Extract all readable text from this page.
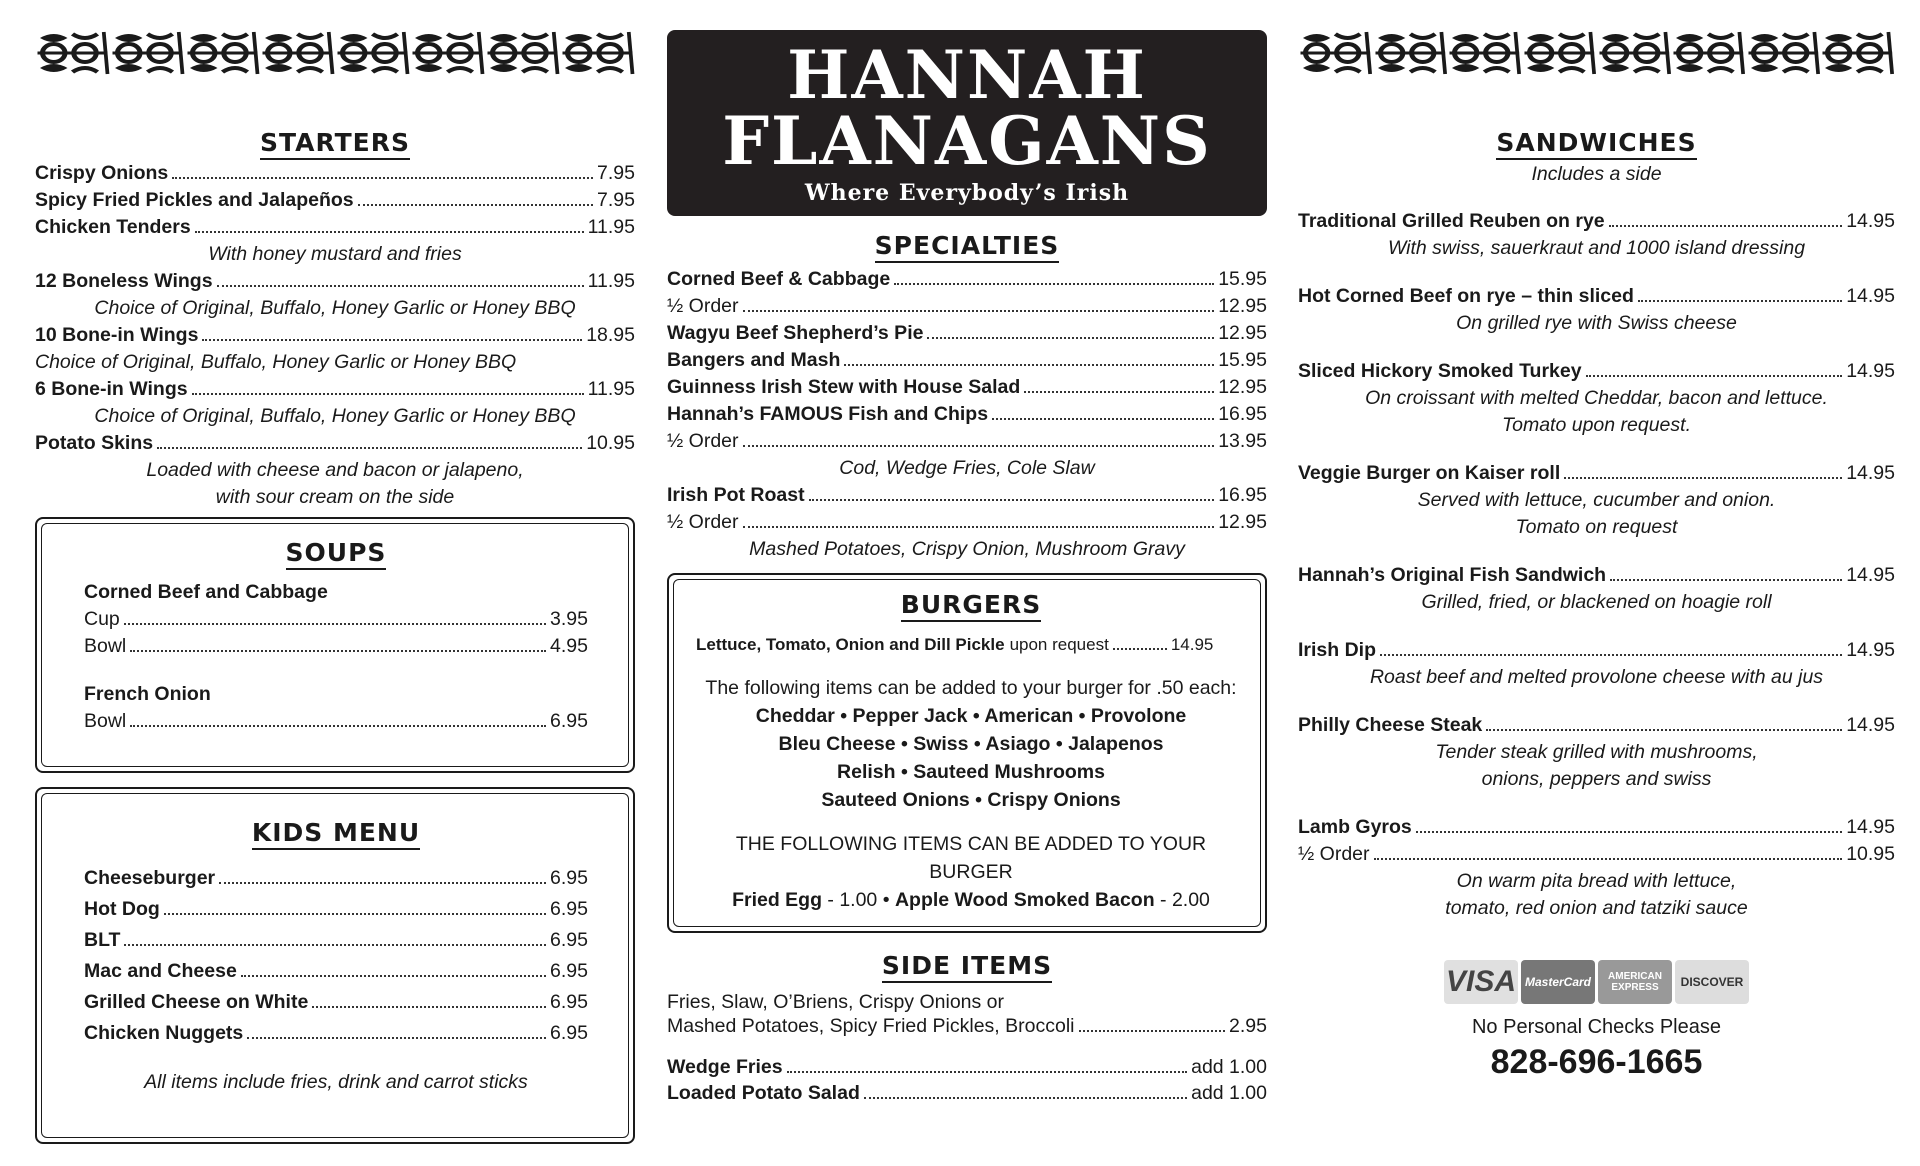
STARTERS
Crispy Onions	7.95
Spicy Fried Pickles and Jalapeños	7.95
Chicken Tenders	11.95
With honey mustard and fries
12 Boneless Wings	11.95
Choice of Original, Buffalo, Honey Garlic or Honey BBQ
10 Bone-in Wings	18.95
Choice of Original, Buffalo, Honey Garlic or Honey BBQ
6 Bone-in Wings	11.95
Choice of Original, Buffalo, Honey Garlic or Honey BBQ
Potato Skins	10.95
Loaded with cheese and bacon or jalapeno,
with sour cream on the side
SOUPS
Corned Beef and Cabbage
Cup	3.95
Bowl	4.95
French Onion
Bowl	6.95
KIDS MENU
Cheeseburger	6.95
Hot Dog	6.95
BLT	6.95
Mac and Cheese	6.95
Grilled Cheese on White	6.95
Chicken Nuggets	6.95
All items include fries, drink and carrot sticks
HANNAH
FLANAGANS
Where Everybody’s Irish
SPECIALTIES
Corned Beef & Cabbage	15.95
½ Order	12.95
Wagyu Beef Shepherd’s Pie	12.95
Bangers and Mash	15.95
Guinness Irish Stew with House Salad	12.95
Hannah’s FAMOUS Fish and Chips	16.95
½ Order	13.95
Cod, Wedge Fries, Cole Slaw
Irish Pot Roast	16.95
½ Order	12.95
Mashed Potatoes, Crispy Onion, Mushroom Gravy
BURGERS
Lettuce, Tomato, Onion and Dill Pickle upon request	14.95
The following items can be added to your burger for .50 each:
Cheddar • Pepper Jack • American • Provolone
Bleu Cheese • Swiss • Asiago • Jalapenos
Relish • Sauteed Mushrooms
Sauteed Onions • Crispy Onions
THE FOLLOWING ITEMS CAN BE ADDED TO YOUR BURGER
Fried Egg - 1.00 • Apple Wood Smoked Bacon - 2.00
SIDE ITEMS
Fries, Slaw, O’Briens, Crispy Onions or
Mashed Potatoes, Spicy Fried Pickles, Broccoli	2.95
Wedge Fries	add 1.00
Loaded Potato Salad	add 1.00
SANDWICHES
Includes a side
Traditional Grilled Reuben on rye	14.95
With swiss, sauerkraut and 1000 island dressing
Hot Corned Beef on rye – thin sliced	14.95
On grilled rye with Swiss cheese
Sliced Hickory Smoked Turkey	14.95
On croissant with melted Cheddar, bacon and lettuce.
Tomato upon request.
Veggie Burger on Kaiser roll	14.95
Served with lettuce, cucumber and onion.
Tomato on request
Hannah’s Original Fish Sandwich	14.95
Grilled, fried, or blackened on hoagie roll
Irish Dip	14.95
Roast beef and melted provolone cheese with au jus
Philly Cheese Steak	14.95
Tender steak grilled with mushrooms,
onions, peppers and swiss
Lamb Gyros	14.95
½ Order	10.95
On warm pita bread with lettuce,
tomato, red onion and tatziki sauce
VISA MasterCard	AMERICAN EXPRESS	DISCOVER
No Personal Checks Please
828-696-1665
